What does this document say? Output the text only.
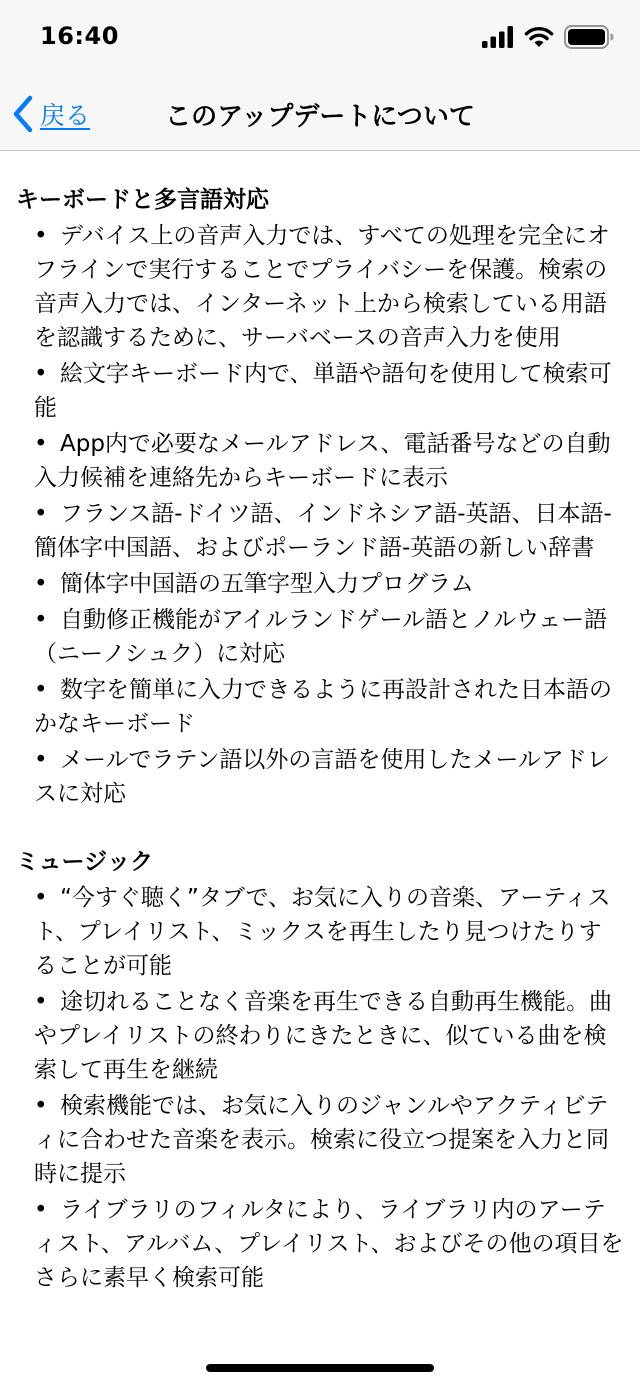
16:40
戻る	このアップデートについて
キーボードと多言語対応
• デバイス上の音声入力では、すべての処理を完全にオフラインで実行することでプライバシーを保護。検索の音声入力では、インターネット上から検索している用語を認識するために、サーバベースの音声入力を使用
• 絵文字キーボード内で、単語や語句を使用して検索可能
• App内で必要なメールアドレス、電話番号などの自動入力候補を連絡先からキーボードに表示
• フランス語-ドイツ語、インドネシア語-英語、日本語-簡体字中国語、およびポーランド語-英語の新しい辞書
• 簡体字中国語の五筆字型入力プログラム
• 自動修正機能がアイルランドゲール語とノルウェー語（ニーノシュク）に対応
• 数字を簡単に入力できるように再設計された日本語のかなキーボード
• メールでラテン語以外の言語を使用したメールアドレスに対応
ミュージック
• “今すぐ聴く”タブで、お気に入りの音楽、アーティスト、プレイリスト、ミックスを再生したり見つけたりすることが可能
• 途切れることなく音楽を再生できる自動再生機能。曲やプレイリストの終わりにきたときに、似ている曲を検索して再生を継続
• 検索機能では、お気に入りのジャンルやアクティビティに合わせた音楽を表示。検索に役立つ提案を入力と同時に提示
• ライブラリのフィルタにより、ライブラリ内のアーティスト、アルバム、プレイリスト、およびその他の項目をさらに素早く検索可能
